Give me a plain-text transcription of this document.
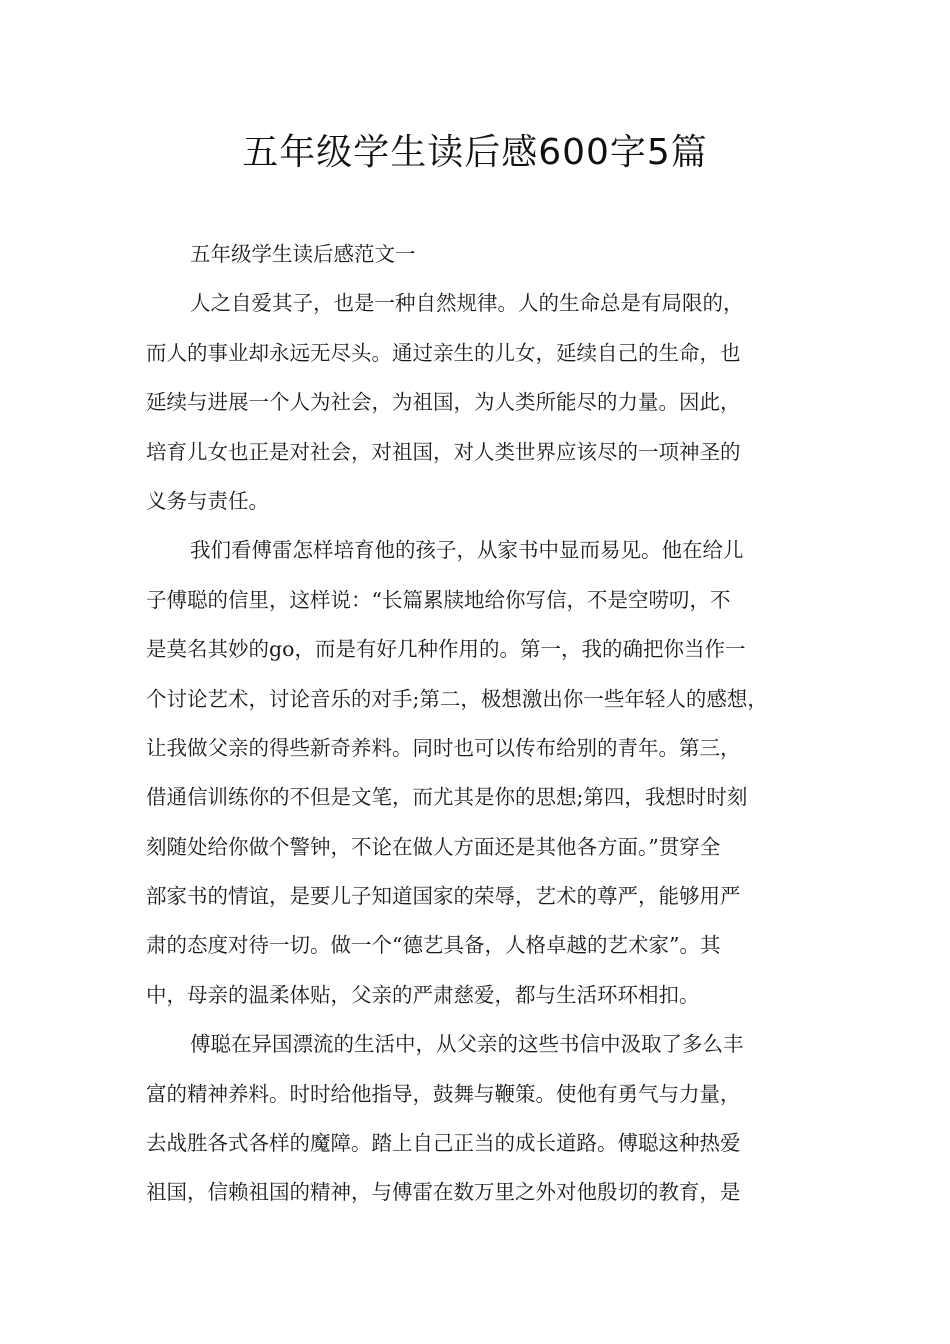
五年级学生读后感600字5篇
五年级学生读后感范文一
人之自爱其子，也是一种自然规律。人的生命总是有局限的，
而人的事业却永远无尽头。通过亲生的儿女，延续自己的生命，也
延续与进展一个人为社会，为祖国，为人类所能尽的力量。因此，
培育儿女也正是对社会，对祖国，对人类世界应该尽的一项神圣的
义务与责任。
我们看傅雷怎样培育他的孩子，从家书中显而易见。他在给儿
子傅聪的信里，这样说：“长篇累牍地给你写信，不是空唠叨，不
是莫名其妙的go，而是有好几种作用的。第一，我的确把你当作一
个讨论艺术，讨论音乐的对手;第二，极想激出你一些年轻人的感想，
让我做父亲的得些新奇养料。同时也可以传布给别的青年。第三，
借通信训练你的不但是文笔，而尤其是你的思想;第四，我想时时刻
刻随处给你做个警钟，不论在做人方面还是其他各方面。”贯穿全
部家书的情谊，是要儿子知道国家的荣辱，艺术的尊严，能够用严
肃的态度对待一切。做一个“德艺具备，人格卓越的艺术家”。其
中，母亲的温柔体贴，父亲的严肃慈爱，都与生活环环相扣。
傅聪在异国漂流的生活中，从父亲的这些书信中汲取了多么丰
富的精神养料。时时给他指导，鼓舞与鞭策。使他有勇气与力量，
去战胜各式各样的魔障。踏上自己正当的成长道路。傅聪这种热爱
祖国，信赖祖国的精神，与傅雷在数万里之外对他殷切的教育，是
